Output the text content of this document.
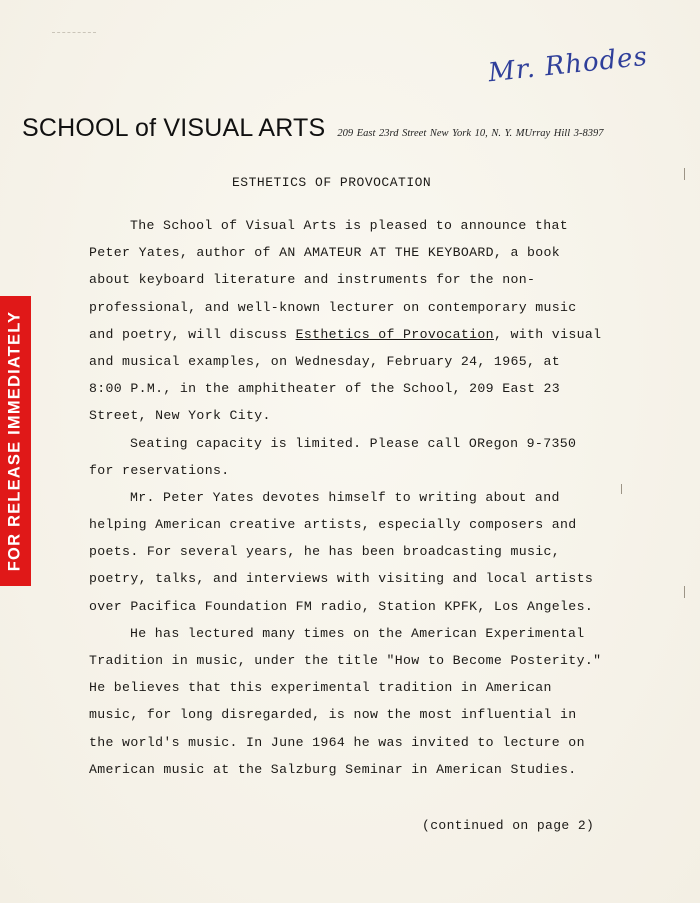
Mr. Rhodes
SCHOOL of VISUAL ARTS 209 East 23rd Street New York 10, N. Y. MUrray Hill 3-8397
FOR RELEASE IMMEDIATELY
ESTHETICS OF PROVOCATION
The School of Visual Arts is pleased to announce that
Peter Yates, author of AN AMATEUR AT THE KEYBOARD, a book
about keyboard literature and instruments for the non-
professional, and well-known lecturer on contemporary music
and poetry, will discuss Esthetics of Provocation, with visual
and musical examples, on Wednesday, February 24, 1965, at
8:00 P.M., in the amphitheater of the School, 209 East 23
Street, New York City.
Seating capacity is limited. Please call ORegon 9-7350
for reservations.
Mr. Peter Yates devotes himself to writing about and
helping American creative artists, especially composers and
poets. For several years, he has been broadcasting music,
poetry, talks, and interviews with visiting and local artists
over Pacifica Foundation FM radio, Station KPFK, Los Angeles.
He has lectured many times on the American Experimental
Tradition in music, under the title "How to Become Posterity."
He believes that this experimental tradition in American
music, for long disregarded, is now the most influential in
the world's music. In June 1964 he was invited to lecture on
American music at the Salzburg Seminar in American Studies.
(continued on page 2)
